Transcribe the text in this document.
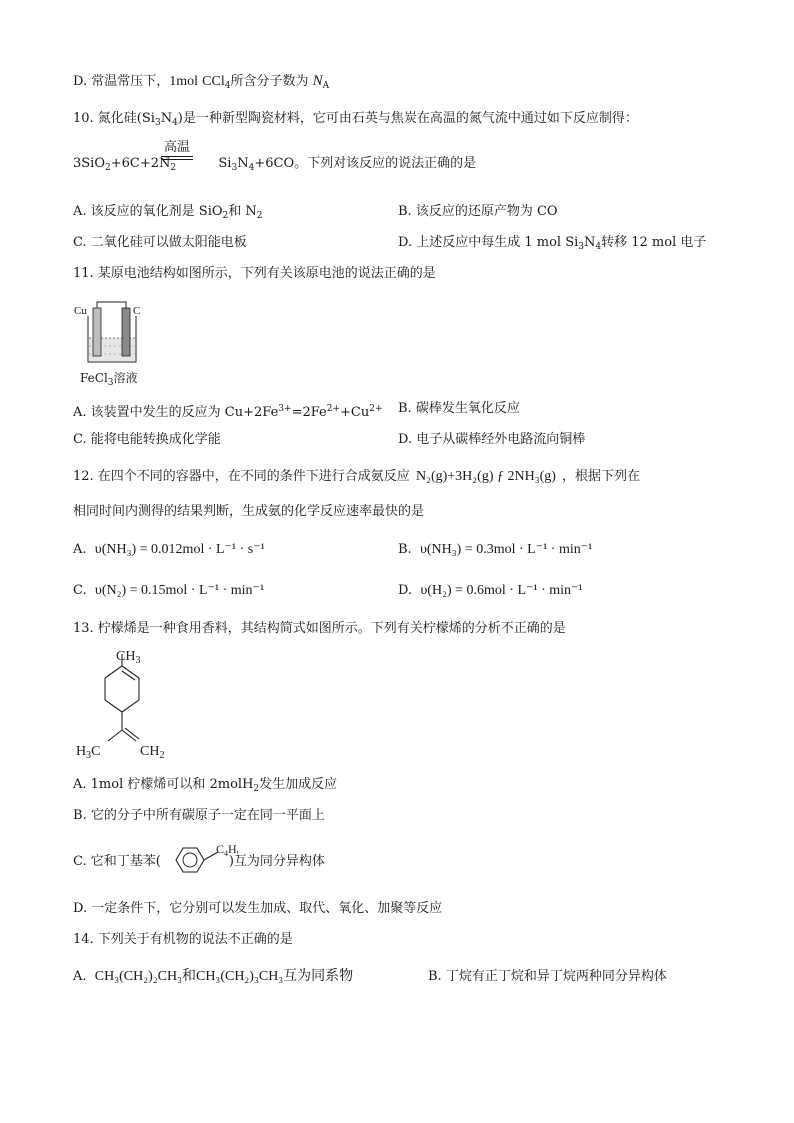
D. 常温常压下，1mol CCl$_4$所含分子数为 $N_A$
10. 氮化硅$(Si_3N_4)$是一种新型陶瓷材料，它可由石英与焦炭在高温的氮气流中通过如下反应制得：
$3SiO_2+6C+2N_2$	$Si_3N_4+6CO$。下列对该反应的说法正确的是
高温
A. 该反应的氧化剂是 SiO$_2$和 $N_2$	B. 该反应的还原产物为 CO
C. 二氧化硅可以做太阳能电板	D. 上述反应中每生成 1 mol $Si_3N_4$转移 12 mol 电子
11. 某原电池结构如图所示，下列有关该原电池的说法正确的是
Cu	C
FeCl$_3$溶液
A. 该装置中发生的反应为 $Cu+2Fe^{3+}=2Fe^{2+}+Cu^{2+}$ B. 碳棒发生氧化反应
C. 能将电能转换成化学能	D. 电子从碳棒经外电路流向铜棒
12. 在四个不同的容器中，在不同的条件下进行合成氨反应 N₂(g)+3H₂(g) ƒ 2NH₃(g) ，根据下列在
相同时间内测得的结果判断，生成氨的化学反应速率最快的是
A. υ(NH₃) = 0.012mol · L⁻¹ · s⁻¹	B. υ(NH₃) = 0.3mol · L⁻¹ · min⁻¹
C. υ(N₂) = 0.15mol · L⁻¹ · min⁻¹	D. υ(H₂) = 0.6mol · L⁻¹ · min⁻¹
13. 柠檬烯是一种食用香料，其结构简式如图所示。下列有关柠檬烯的分析不正确的是
$CH_3$
$H_3C$	$CH_2$
A. 1mol 柠檬烯可以和 2molH$_2$发生加成反应
B. 它的分子中所有碳原子一定在同一平面上
C. 它和丁基苯(	)互为同分异构体
$C_4H$
D. 一定条件下，它分别可以发生加成、取代、氧化、加聚等反应
14. 下列关于有机物的说法不正确的是
A. CH₃(CH₂)₂CH₃和CH₃(CH₂)₃CH₃互为同系物	B. 丁烷有正丁烷和异丁烷两种同分异构体
